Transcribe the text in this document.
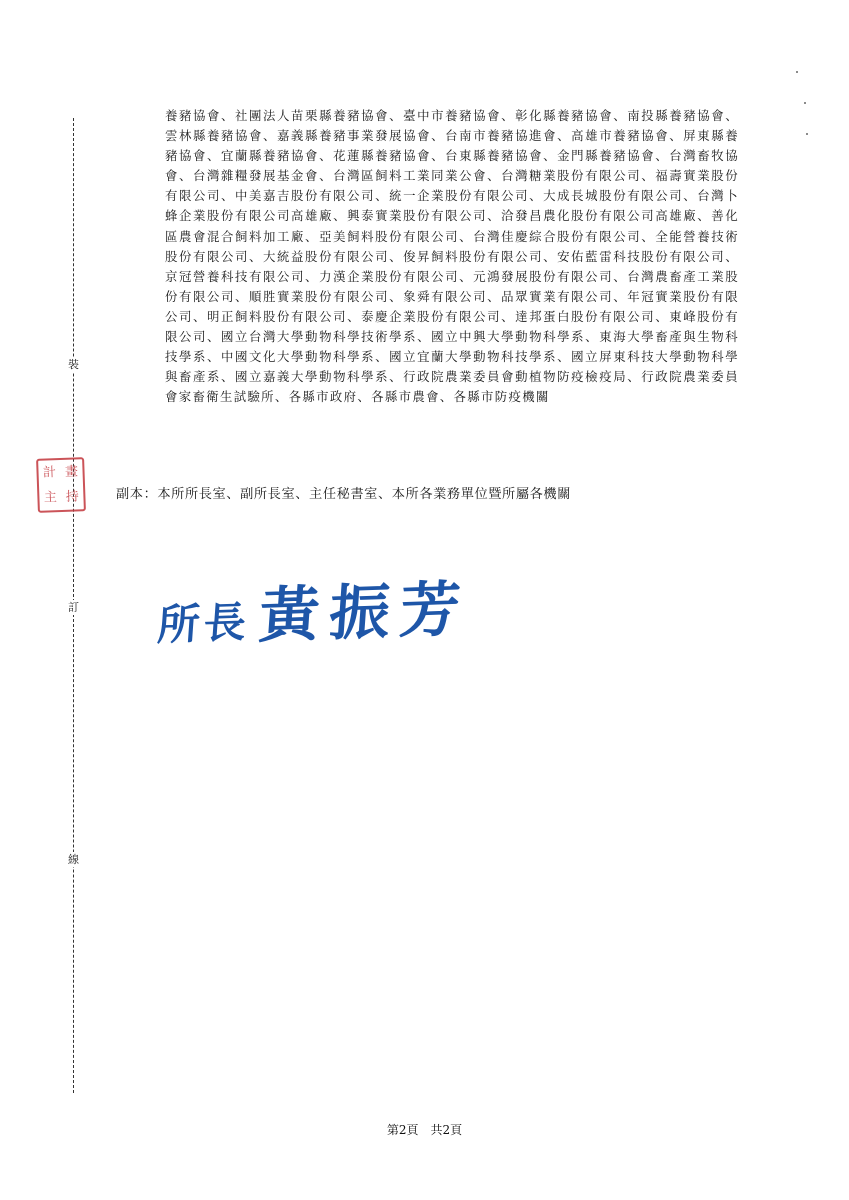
裝
訂
線
計 畫
主 持
養豬協會、社團法人苗栗縣養豬協會、臺中市養豬協會、彰化縣養豬協會、南投縣養豬協會、雲林縣養豬協會、嘉義縣養豬事業發展協會、台南市養豬協進會、高雄市養豬協會、屏東縣養豬協會、宜蘭縣養豬協會、花蓮縣養豬協會、台東縣養豬協會、金門縣養豬協會、台灣畜牧協會、台灣雜糧發展基金會、台灣區飼料工業同業公會、台灣糖業股份有限公司、福壽實業股份有限公司、中美嘉吉股份有限公司、統一企業股份有限公司、大成長城股份有限公司、台灣卜蜂企業股份有限公司高雄廠、興泰實業股份有限公司、洽發昌農化股份有限公司高雄廠、善化區農會混合飼料加工廠、亞美飼料股份有限公司、台灣佳慶綜合股份有限公司、全能營養技術股份有限公司、大統益股份有限公司、俊昇飼料股份有限公司、安佑藍雷科技股份有限公司、京冠營養科技有限公司、力漢企業股份有限公司、元鴻發展股份有限公司、台灣農畜產工業股份有限公司、順胜實業股份有限公司、象舜有限公司、品眾實業有限公司、年冠實業股份有限公司、明正飼料股份有限公司、泰慶企業股份有限公司、達邦蛋白股份有限公司、東峰股份有限公司、國立台灣大學動物科學技術學系、國立中興大學動物科學系、東海大學畜產與生物科技學系、中國文化大學動物科學系、國立宜蘭大學動物科技學系、國立屏東科技大學動物科學與畜產系、國立嘉義大學動物科學系、行政院農業委員會動植物防疫檢疫局、行政院農業委員會家畜衛生試驗所、各縣市政府、各縣市農會、各縣市防疫機關
副本：本所所長室、副所長室、主任秘書室、本所各業務單位暨所屬各機關
所長黃振芳
第2頁 共2頁
